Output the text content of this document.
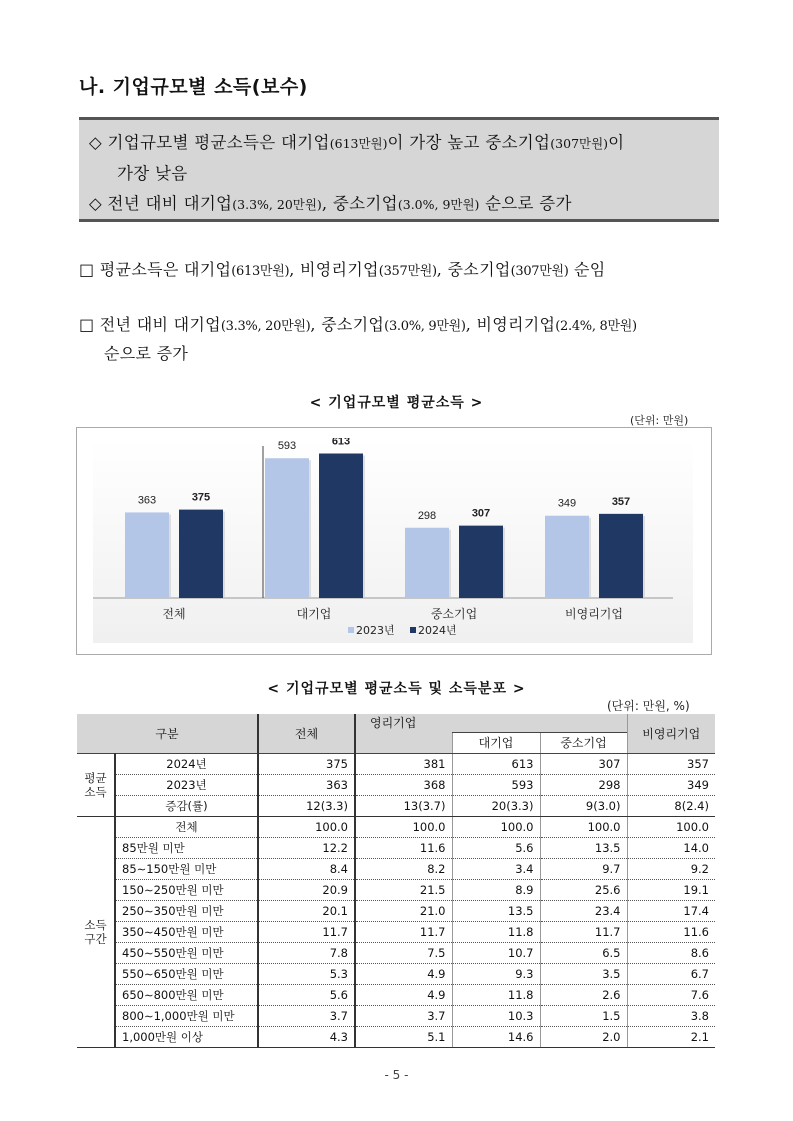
나. 기업규모별 소득(보수)
◇ 기업규모별 평균소득은 대기업(613만원)이 가장 높고 중소기업(307만원)이
가장 낮음
◇ 전년 대비 대기업(3.3%, 20만원), 중소기업(3.0%, 9만원) 순으로 증가
□ 평균소득은 대기업(613만원), 비영리기업(357만원), 중소기업(307만원) 순임
□ 전년 대비 대기업(3.3%, 20만원), 중소기업(3.0%, 9만원), 비영리기업(2.4%, 8만원)
순으로 증가
< 기업규모별 평균소득 >
(단위: 만원)
363	375
전체
593	613
대기업
298	307
중소기업
349	357
비영리기업
2023년 2024년
< 기업규모별 평균소득 및 소득분포 >
(단위: 만원, %)
구분		전체	영리기업			비영리기업
				대기업	중소기업	
평균
소득	2024년	375	381	613	307	357
	2023년	363	368	593	298	349
	증감(률)	12(3.3)	13(3.7)	20(3.3)	9(3.0)	8(2.4)
소득
구간	전체	100.0	100.0	100.0	100.0	100.0
	85만원 미만	12.2	11.6	5.6	13.5	14.0
	85∼150만원 미만	8.4	8.2	3.4	9.7	9.2
	150∼250만원 미만	20.9	21.5	8.9	25.6	19.1
	250∼350만원 미만	20.1	21.0	13.5	23.4	17.4
	350∼450만원 미만	11.7	11.7	11.8	11.7	11.6
	450∼550만원 미만	7.8	7.5	10.7	6.5	8.6
	550∼650만원 미만	5.3	4.9	9.3	3.5	6.7
	650∼800만원 미만	5.6	4.9	11.8	2.6	7.6
	800∼1,000만원 미만	3.7	3.7	10.3	1.5	3.8
	1,000만원 이상	4.3	5.1	14.6	2.0	2.1
- 5 -
